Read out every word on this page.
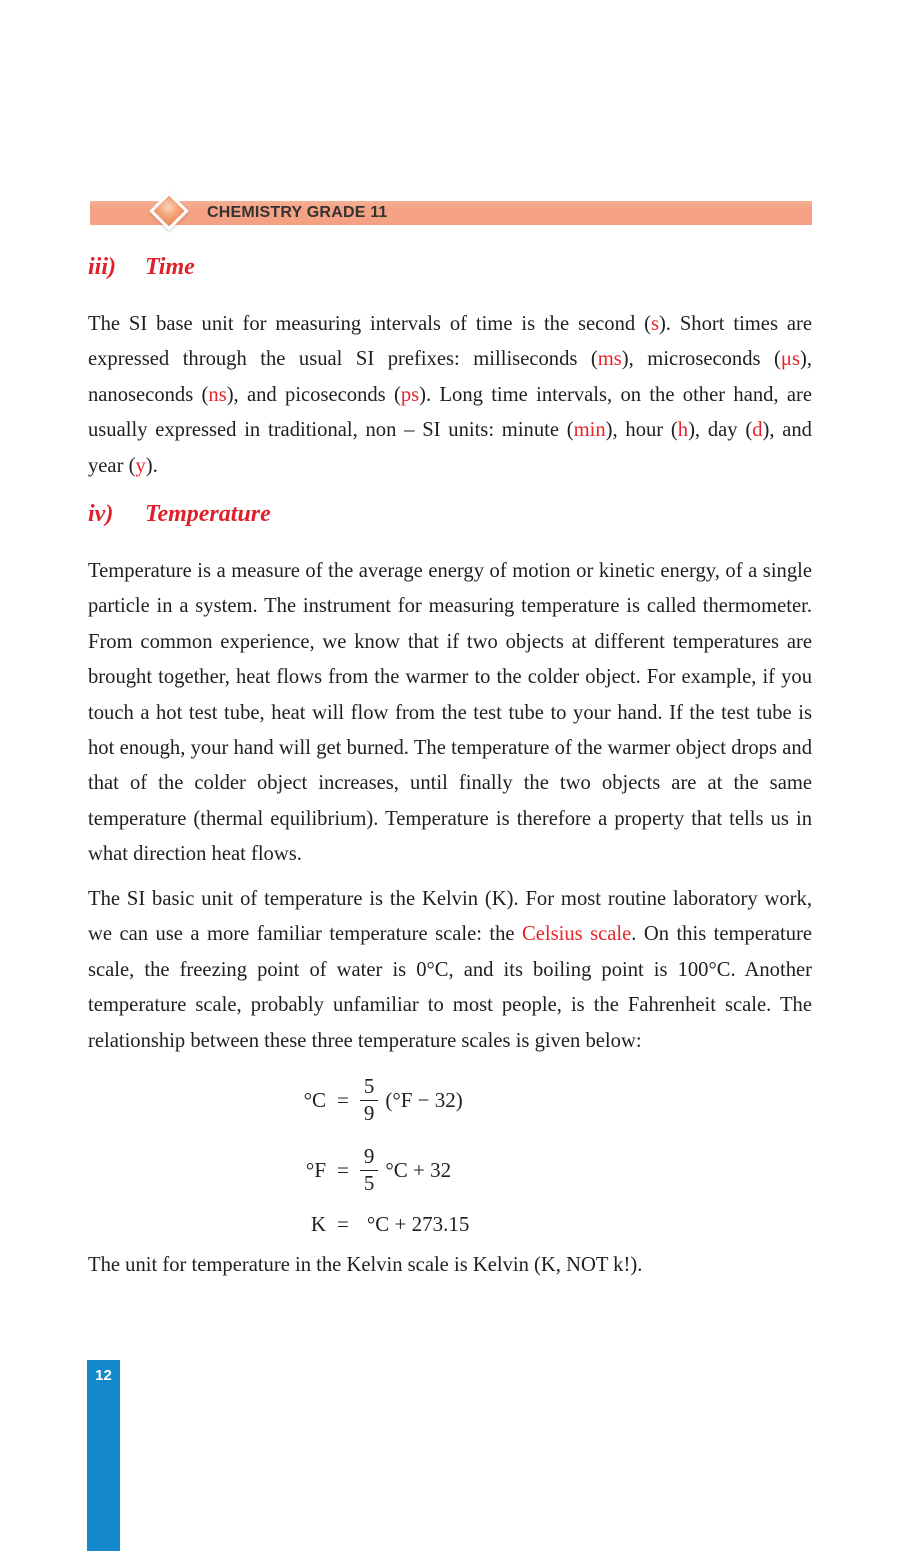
CHEMISTRY GRADE 11
iii) Time

The SI base unit for measuring intervals of time is the second (s). Short times are expressed through the usual SI prefixes: milliseconds (ms), microseconds (μs), nanoseconds (ns), and picoseconds (ps). Long time intervals, on the other hand, are usually expressed in traditional, non – SI units: minute (min), hour (h), day (d), and year (y).

iv) Temperature

Temperature is a measure of the average energy of motion or kinetic energy, of a single particle in a system. The instrument for measuring temperature is called thermometer. From common experience, we know that if two objects at different temperatures are brought together, heat flows from the warmer to the colder object. For example, if you touch a hot test tube, heat will flow from the test tube to your hand. If the test tube is hot enough, your hand will get burned. The temperature of the warmer object drops and that of the colder object increases, until finally the two objects are at the same temperature (thermal equilibrium). Temperature is therefore a property that tells us in what direction heat flows.

The SI basic unit of temperature is the Kelvin (K). For most routine laboratory work, we can use a more familiar temperature scale: the Celsius scale. On this temperature scale, the freezing point of water is 0°C, and its boiling point is 100°C. Another temperature scale, probably unfamiliar to most people, is the Fahrenheit scale. The relationship between these three temperature scales is given below:

$^\circ C = \frac{5}{9} (^\circ F - 32)$
$^\circ F = \frac{9}{5} ^\circ C + 32$
K = °C + 273.15

The unit for temperature in the Kelvin scale is Kelvin (K, NOT k!).

12
